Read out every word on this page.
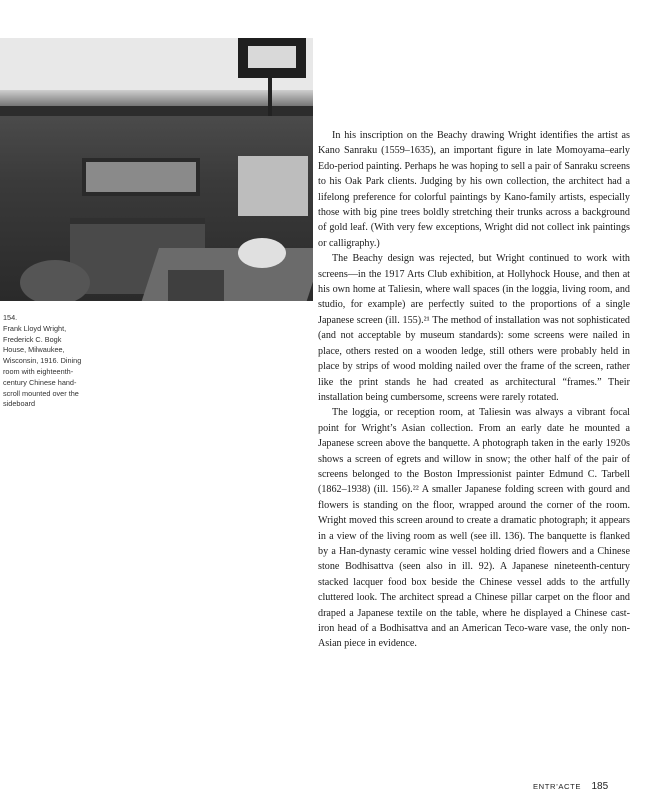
154.
Frank Lloyd Wright,
Frederick C. Bogk
House, Milwaukee,
Wisconsin, 1916. Dining
room with eighteenth-
century Chinese hand-
scroll mounted over the
sideboard

In his inscription on the Beachy drawing Wright identifies the artist as Kano Sanraku (1559–1635), an important figure in late Momoyama–early Edo-period painting. Perhaps he was hoping to sell a pair of Sanraku screens to his Oak Park clients. Judging by his own collection, the architect had a lifelong preference for colorful paintings by Kano-family artists, especially those with big pine trees boldly stretching their trunks across a background of gold leaf. (With very few exceptions, Wright did not collect ink paintings or calligraphy.)

The Beachy design was rejected, but Wright continued to work with screens—in the 1917 Arts Club exhibition, at Hollyhock House, and then at his own home at Taliesin, where wall spaces (in the loggia, living room, and studio, for example) are perfectly suited to the proportions of a single Japanese screen (ill. 155).²¹ The method of installation was not sophisticated (and not acceptable by museum standards): some screens were nailed in place, others rested on a wooden ledge, still others were probably held in place by strips of wood molding nailed over the frame of the screen, rather like the print stands he had created as architectural “frames.” Their installation being cumbersome, screens were rarely rotated.

The loggia, or reception room, at Taliesin was always a vibrant focal point for Wright’s Asian collection. From an early date he mounted a Japanese screen above the banquette. A photograph taken in the early 1920s shows a screen of egrets and willow in snow; the other half of the pair of screens belonged to the Boston Impressionist painter Edmund C. Tarbell (1862–1938) (ill. 156).²² A smaller Japanese folding screen with gourd and flowers is standing on the floor, wrapped around the corner of the room. Wright moved this screen around to create a dramatic photograph; it appears in a view of the living room as well (see ill. 136). The banquette is flanked by a Han-dynasty ceramic wine vessel holding dried flowers and a Chinese stone Bodhisattva (seen also in ill. 92). A Japanese nineteenth-century stacked lacquer food box beside the Chinese vessel adds to the artfully cluttered look. The architect spread a Chinese pillar carpet on the floor and draped a Japanese textile on the table, where he displayed a Chinese cast-iron head of a Bodhisattva and an American Teco-ware vase, the only non-Asian piece in evidence.

ENTR’ACTE 185
